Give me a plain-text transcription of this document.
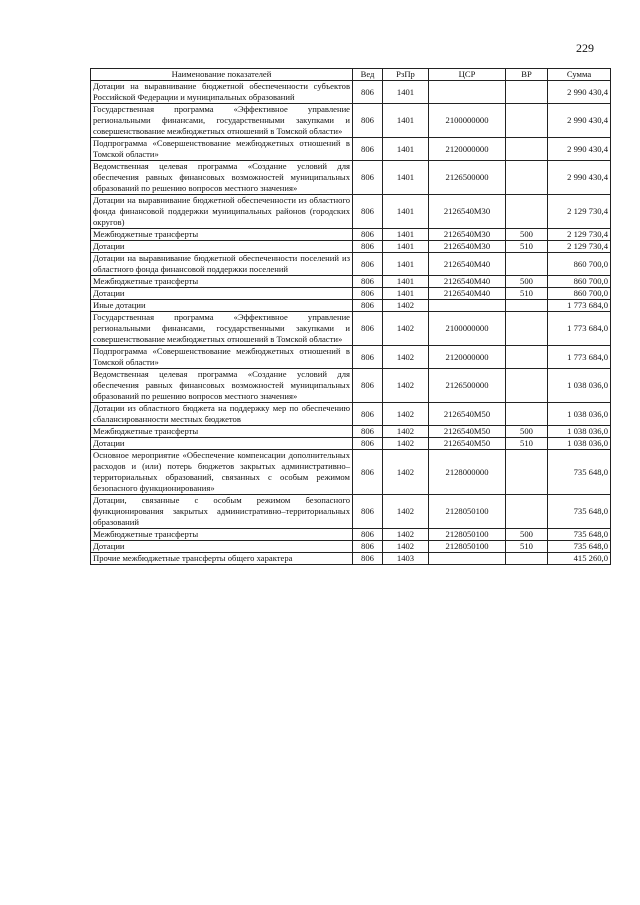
229
Наименование показателей	Вед	РзПр	ЦСР	ВР	Сумма
Дотации на выравнивание бюджетной обеспеченности субъектов Российской Федерации и муниципальных образований	806	1401			2 990 430,4
Государственная программа «Эффективное управление региональными финансами, государственными закупками и совершенствование межбюджетных отношений в Томской области»	806	1401	2100000000		2 990 430,4
Подпрограмма «Совершенствование межбюджетных отношений в Томской области»	806	1401	2120000000		2 990 430,4
Ведомственная целевая программа «Создание условий для обеспечения равных финансовых возможностей муниципальных образований по решению вопросов местного значения»	806	1401	2126500000		2 990 430,4
Дотации на выравнивание бюджетной обеспеченности из областного фонда финансовой поддержки муниципальных районов (городских округов)	806	1401	2126540М30		2 129 730,4
Межбюджетные трансферты	806	1401	2126540М30	500	2 129 730,4
Дотации	806	1401	2126540М30	510	2 129 730,4
Дотации на выравнивание бюджетной обеспеченности поселений из областного фонда финансовой поддержки поселений	806	1401	2126540М40		860 700,0
Межбюджетные трансферты	806	1401	2126540М40	500	860 700,0
Дотации	806	1401	2126540М40	510	860 700,0
Иные дотации	806	1402			1 773 684,0
Государственная программа «Эффективное управление региональными финансами, государственными закупками и совершенствование межбюджетных отношений в Томской области»	806	1402	2100000000		1 773 684,0
Подпрограмма «Совершенствование межбюджетных отношений в Томской области»	806	1402	2120000000		1 773 684,0
Ведомственная целевая программа «Создание условий для обеспечения равных финансовых возможностей муниципальных образований по решению вопросов местного значения»	806	1402	2126500000		1 038 036,0
Дотации из областного бюджета на поддержку мер по обеспечению сбалансированности местных бюджетов	806	1402	2126540М50		1 038 036,0
Межбюджетные трансферты	806	1402	2126540М50	500	1 038 036,0
Дотации	806	1402	2126540М50	510	1 038 036,0
Основное мероприятие «Обеспечение компенсации дополнительных расходов и (или) потерь бюджетов закрытых административно–территориальных образований, связанных с особым режимом безопасного функционирования»	806	1402	2128000000		735 648,0
Дотации, связанные с особым режимом безопасного функционирования закрытых административно–территориальных образований	806	1402	2128050100		735 648,0
Межбюджетные трансферты	806	1402	2128050100	500	735 648,0
Дотации	806	1402	2128050100	510	735 648,0
Прочие межбюджетные трансферты общего характера	806	1403			415 260,0
